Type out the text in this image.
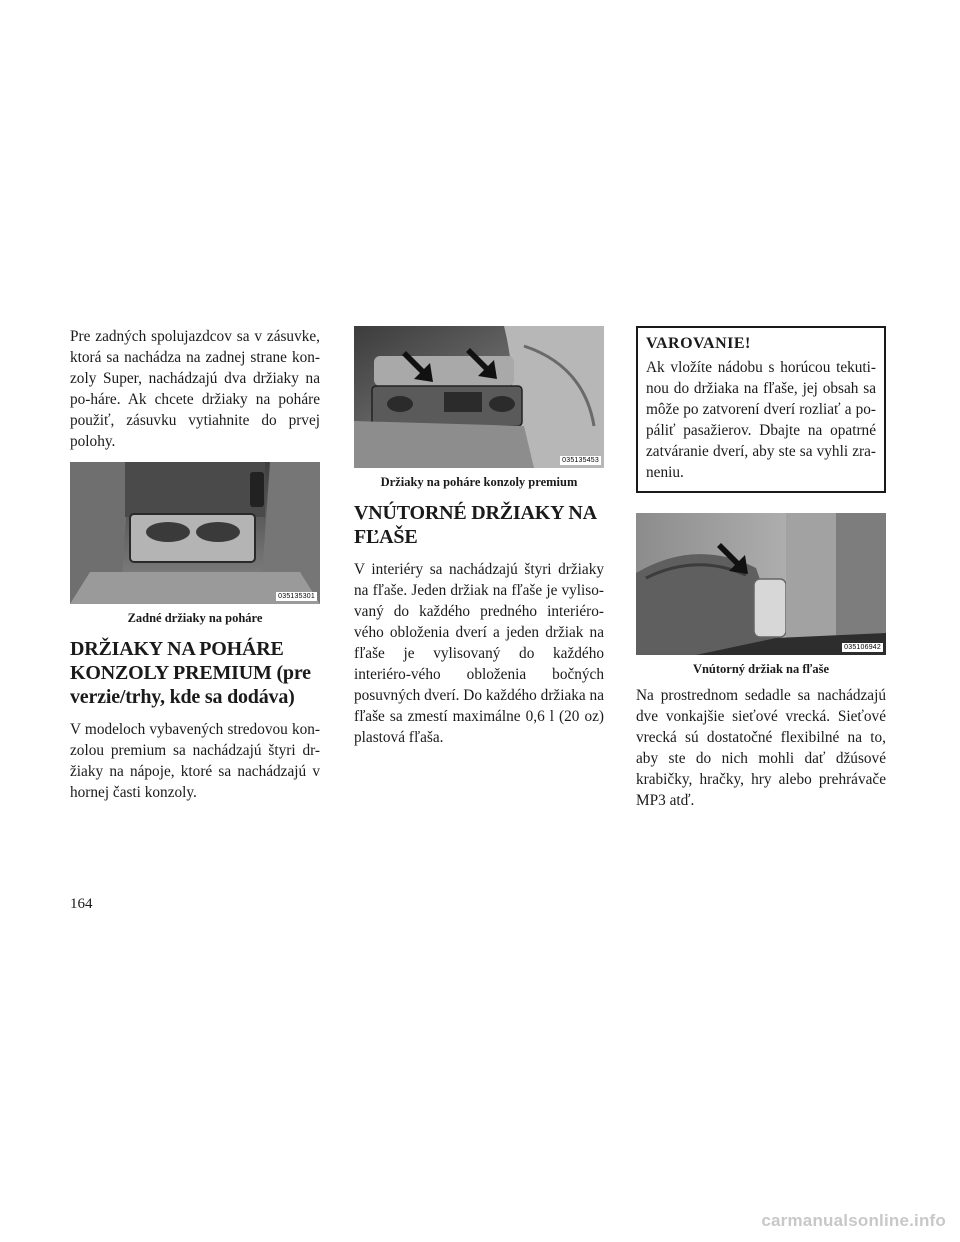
Pre zadných spolujazdcov sa v zásuvke, ktorá sa nachádza na zadnej strane kon-zoly Super, nachádzajú dva držiaky na po-háre. Ak chcete držiaky na poháre použiť, zásuvku vytiahnite do prvej polohy.

035135301
Zadné držiaky na poháre
DRŽIAKY NA POHÁRE KONZOLY PREMIUM (pre verzie/trhy, kde sa dodáva)

V modeloch vybavených stredovou kon-zolou premium sa nachádzajú štyri dr-žiaky na nápoje, ktoré sa nachádzajú v hornej časti konzoly.

035135453
Držiaky na poháre konzoly premium
VNÚTORNÉ DRŽIAKY NA FĽAŠE

V interiéry sa nachádzajú štyri držiaky na fľaše. Jeden držiak na fľaše je vyliso-vaný do každého predného interiéro-vého obloženia dverí a jeden držiak na fľaše je vylisovaný do každého interiéro-vého obloženia bočných posuvných dverí. Do každého držiaka na fľaše sa zmestí maximálne 0,6 l (20 oz) plastová fľaša.

VAROVANIE!

Ak vložíte nádobu s horúcou tekuti-nou do držiaka na fľaše, jej obsah sa môže po zatvorení dverí rozliať a po-páliť pasažierov. Dbajte na opatrné zatváranie dverí, aby ste sa vyhli zra-neniu.

035106942
Vnútorný držiak na fľaše

Na prostrednom sedadle sa nachádzajú dve vonkajšie sieťové vrecká. Sieťové vrecká sú dostatočné flexibilné na to, aby ste do nich mohli dať džúsové krabičky, hračky, hry alebo prehrávače MP3 atď.

164
carmanualsonline.info
